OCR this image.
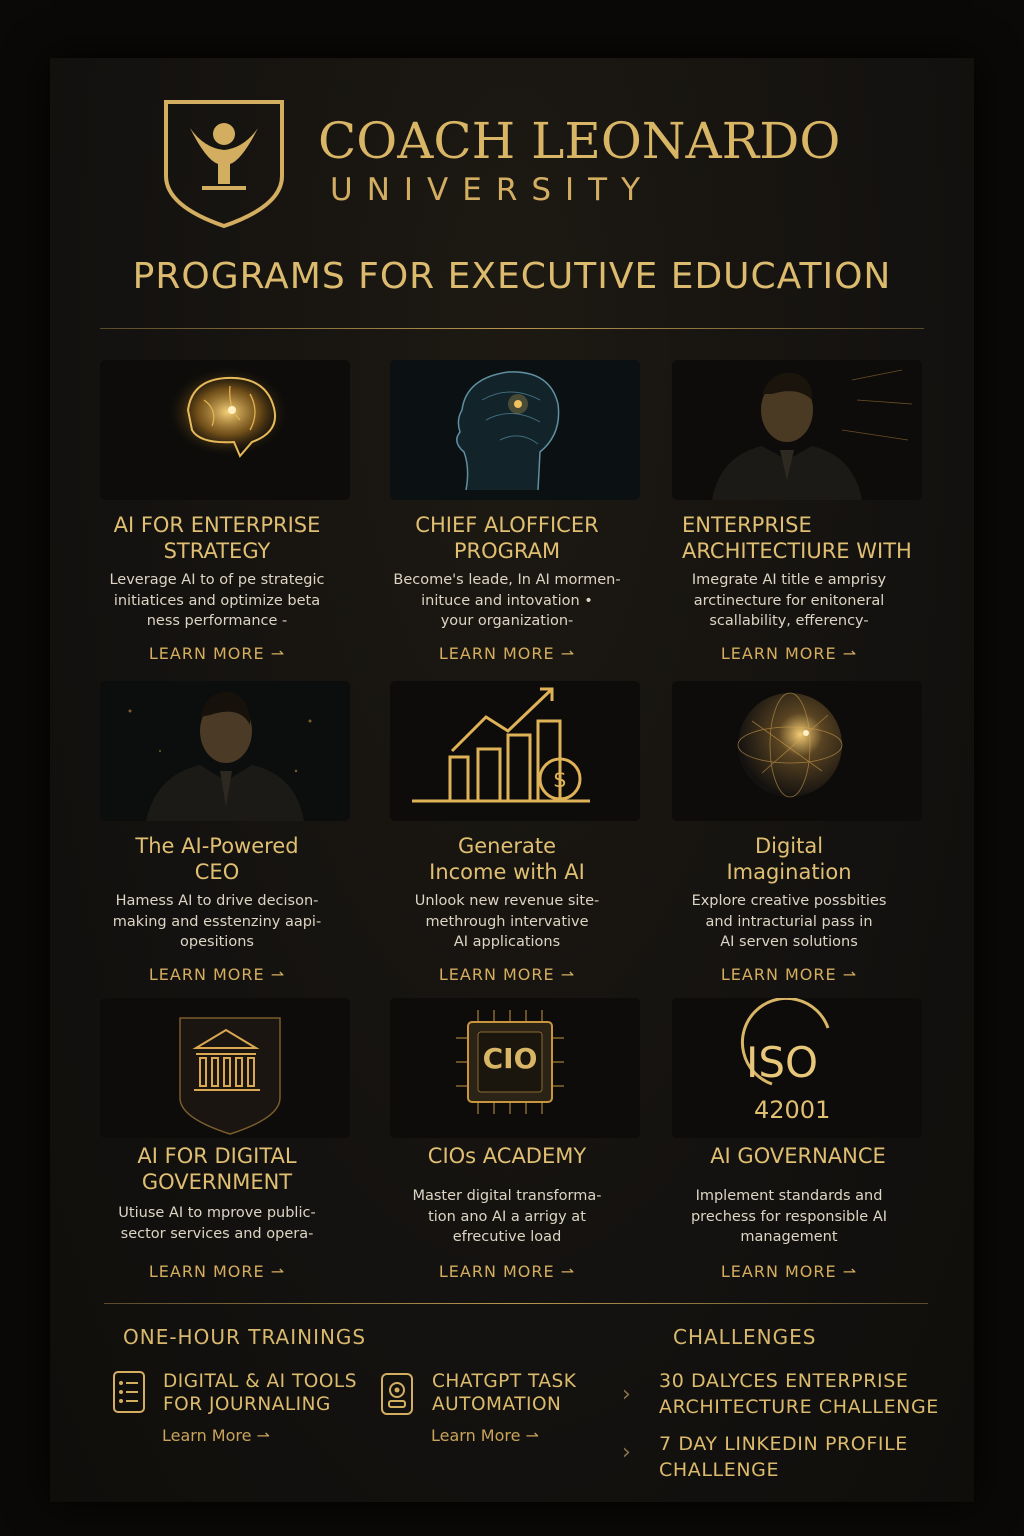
COACH LEONARDO
UNIVERSITY
PROGRAMS FOR EXECUTIVE EDUCATION
AI FOR ENTERPRISE
STRATEGY
Leverage AI to of pe strategic
initiatices and optimize beta
ness performance -
LEARN MORE ⇀
CHIEF ALOFFICER
PROGRAM
Become's leade, In AI mormen-
inituce and intovation •
your organization-
LEARN MORE ⇀
ENTERPRISE
ARCHITECTIURE WITH
Imegrate AI title e amprisy
arctinecture for enitoneral
scallability, efferency-
LEARN MORE ⇀
The AI-Powered
CEO
Hamess AI to drive decison-
making and esstenziny aapi-
opesitions
LEARN MORE ⇀
$
Generate
Income with AI
Unlook new revenue site-
methrough intervative
AI applications
LEARN MORE ⇀
Digital
Imagination
Explore creative possbities
and intracturial pass in
AI serven solutions
LEARN MORE ⇀
AI FOR DIGITAL
GOVERNMENT
Utiuse AI to mprove public-
sector services and opera-
LEARN MORE ⇀
CIO
CIOs ACADEMY
Master digital transforma-
tion ano AI a arrigy at
efrecutive load
LEARN MORE ⇀
ISO
42001
AI GOVERNANCE
Implement standards and
prechess for responsible AI
management
LEARN MORE ⇀
ONE-HOUR TRAININGS
DIGITAL & AI TOOLS
FOR JOURNALING
Learn More ⇀
CHATGPT TASK
AUTOMATION
Learn More ⇀
CHALLENGES
›
30 DALYCES ENTERPRISE
ARCHITECTURE CHALLENGE
› 7 DAY LINKEDIN PROFILE
CHALLENGE
